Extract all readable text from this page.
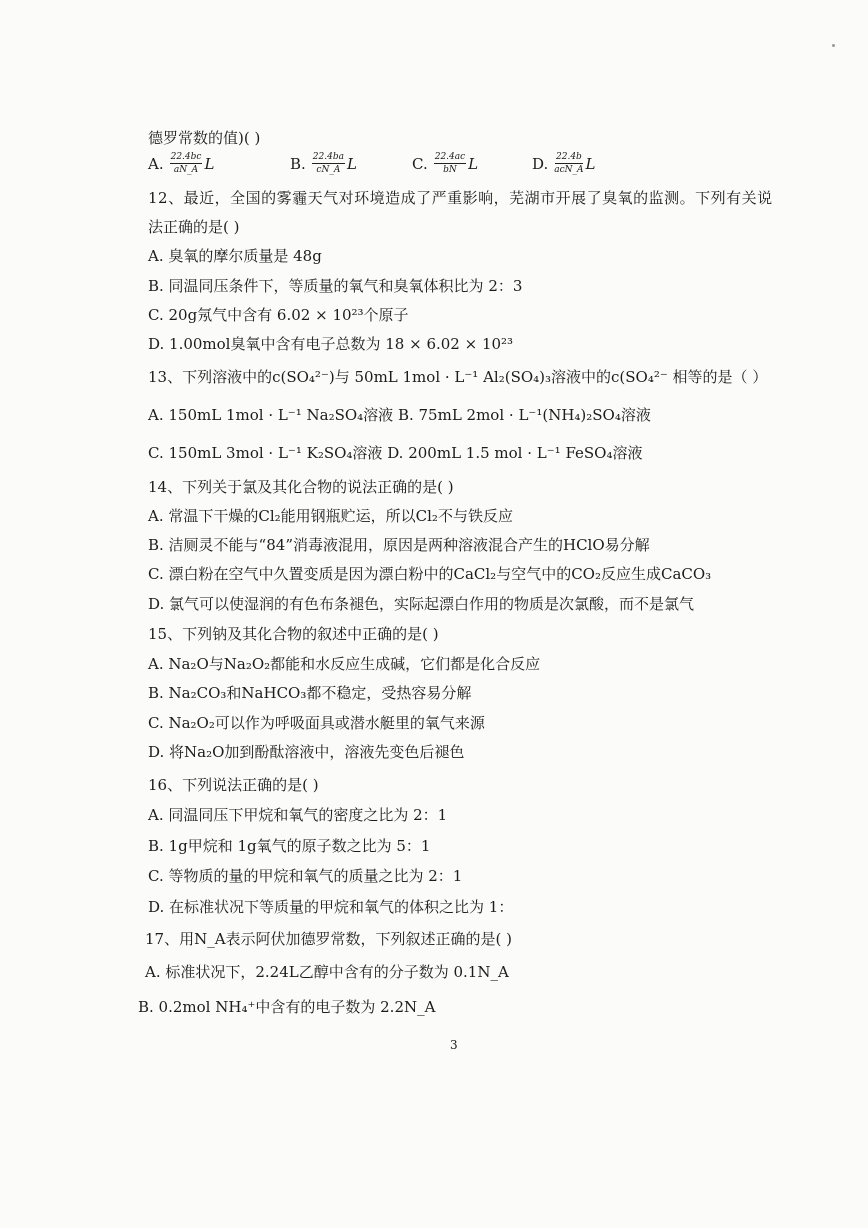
德罗常数的值)( )
A. $\frac{22.4bc}{aN\_A}$ L	B. $\frac{22.4ba}{cN\_A}$ L	C. $\frac{22.4ac}{bN}$ L	D. $\frac{22.4b}{\text{acN\_A}}$ L
12、最近，全国的雾霾天气对环境造成了严重影响，芜湖市开展了臭氧的监测。下列有关说
法正确的是( )
A. 臭氧的摩尔质量是 48g
B. 同温同压条件下，等质量的氧气和臭氧体积比为 2：3
C. 20g氖气中含有 6.02 × 10²³个原子
D. 1.00mol臭氧中含有电子总数为 18 × 6.02 × 10²³
13、下列溶液中的c(SO₄²⁻)与 50mL 1mol · L⁻¹ Al₂(SO₄)₃溶液中的c(SO₄²⁻ 相等的是（ ）
A. 150mL 1mol · L⁻¹ Na₂SO₄溶液 B. 75mL 2mol · L⁻¹(NH₄)₂SO₄溶液
C. 150mL 3mol · L⁻¹ K₂SO₄溶液 D. 200mL 1.5 mol · L⁻¹ FeSO₄溶液
14、下列关于氯及其化合物的说法正确的是( )
A. 常温下干燥的Cl₂能用钢瓶贮运，所以Cl₂不与铁反应
B. 洁厕灵不能与“84”消毒液混用，原因是两种溶液混合产生的HClO易分解
C. 漂白粉在空气中久置变质是因为漂白粉中的CaCl₂与空气中的CO₂反应生成CaCO₃
D. 氯气可以使湿润的有色布条褪色，实际起漂白作用的物质是次氯酸，而不是氯气
15、下列钠及其化合物的叙述中正确的是( )
A. Na₂O与Na₂O₂都能和水反应生成碱，它们都是化合反应
B. Na₂CO₃和NaHCO₃都不稳定，受热容易分解
C. Na₂O₂可以作为呼吸面具或潜水艇里的氧气来源
D. 将Na₂O加到酚酞溶液中，溶液先变色后褪色
16、下列说法正确的是( )
A. 同温同压下甲烷和氧气的密度之比为 2：1
B. 1g甲烷和 1g氧气的原子数之比为 5：1
C. 等物质的量的甲烷和氧气的质量之比为 2：1
D. 在标准状况下等质量的甲烷和氧气的体积之比为 1：
17、用N_A表示阿伏加德罗常数，下列叙述正确的是( )
A. 标准状况下，2.24L乙醇中含有的分子数为 0.1N_A
B. 0.2mol NH₄⁺中含有的电子数为 2.2N_A
3
